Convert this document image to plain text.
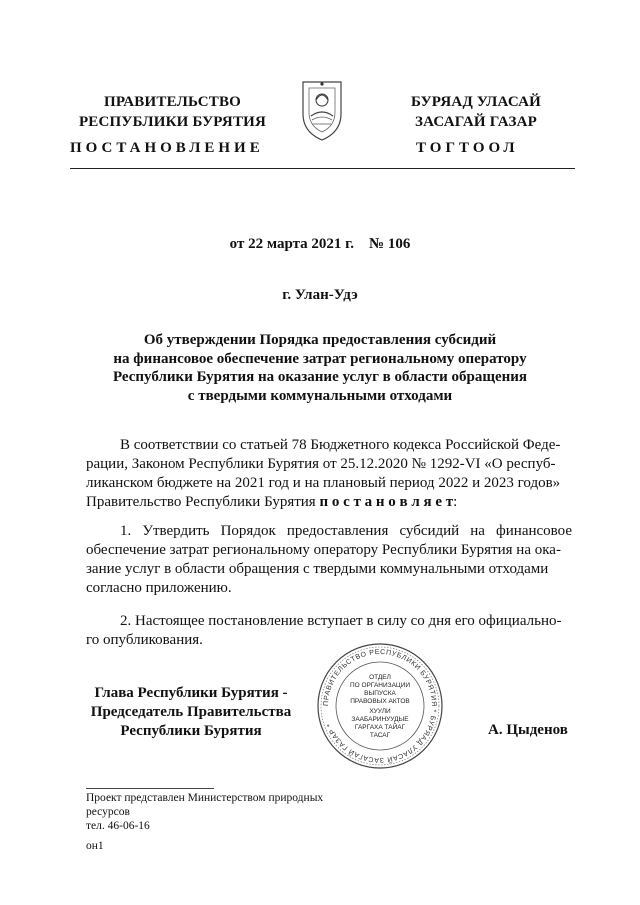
ПРАВИТЕЛЬСТВО
РЕСПУБЛИКИ БУРЯТИЯ
ПОСТАНОВЛЕНИЕ
БУРЯАД УЛАСАЙ
ЗАСАГАЙ ГАЗАР
ТОГТООЛ
от 22 марта 2021 г.    № 106
г. Улан-Удэ
Об утверждении Порядка предоставления субсидий
на финансовое обеспечение затрат региональному оператору
Республики Бурятия на оказание услуг в области обращения
с твердыми коммунальными отходами
В соответствии со статьей 78 Бюджетного кодекса Российской Феде-
рации, Законом Республики Бурятия от 25.12.2020 № 1292-VI «О респуб-
ликанском бюджете на 2021 год и на плановый период 2022 и 2023 годов»
Правительство Республики Бурятия п о с т а н о в л я е т:
1. Утвердить Порядок предоставления субсидий на финансовое
обеспечение затрат региональному оператору Республики Бурятия на ока-
зание услуг в области обращения с твердыми коммунальными отходами
согласно приложению.
2. Настоящее постановление вступает в силу со дня его официально-
го опубликования.
Глава Республики Бурятия -
Председатель Правительства
Республики Бурятия
ПРАВИТЕЛЬСТВО РЕСПУБЛИКИ БУРЯТИЯ * БУРЯАД УЛАСАЙ ЗАСАГАЙ ГАЗАР *
ОТДЕЛ
ПО ОРГАНИЗАЦИИ
ВЫПУСКА
ПРАВОВЫХ АКТОВ
ХУУЛИ
ЗААБАРИНУУДЫЕ
ГАРГАХА ТАЙАГ
ТАСАГ	А. Цыденов
Проект представлен Министерством природных
ресурсов
тел. 46-06-16
он1
